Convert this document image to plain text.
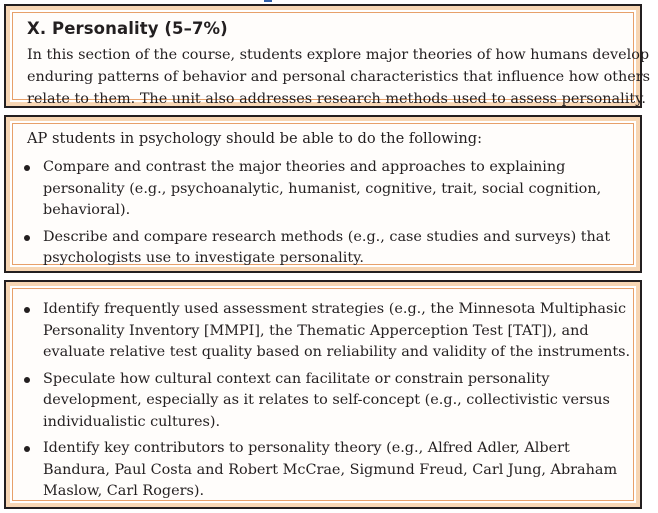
X. Personality (5–7%)
In this section of the course, students explore major theories of how humans develop
enduring patterns of behavior and personal characteristics that influence how others
relate to them. The unit also addresses research methods used to assess personality.
AP students in psychology should be able to do the following:
Compare and contrast the major theories and approaches to explaining
personality (e.g., psychoanalytic, humanist, cognitive, trait, social cognition,
behavioral).
Describe and compare research methods (e.g., case studies and surveys) that
psychologists use to investigate personality.
Identify frequently used assessment strategies (e.g., the Minnesota Multiphasic
Personality Inventory [MMPI], the Thematic Apperception Test [TAT]), and
evaluate relative test quality based on reliability and validity of the instruments.
Speculate how cultural context can facilitate or constrain personality
development, especially as it relates to self-concept (e.g., collectivistic versus
individualistic cultures).
Identify key contributors to personality theory (e.g., Alfred Adler, Albert
Bandura, Paul Costa and Robert McCrae, Sigmund Freud, Carl Jung, Abraham
Maslow, Carl Rogers).
